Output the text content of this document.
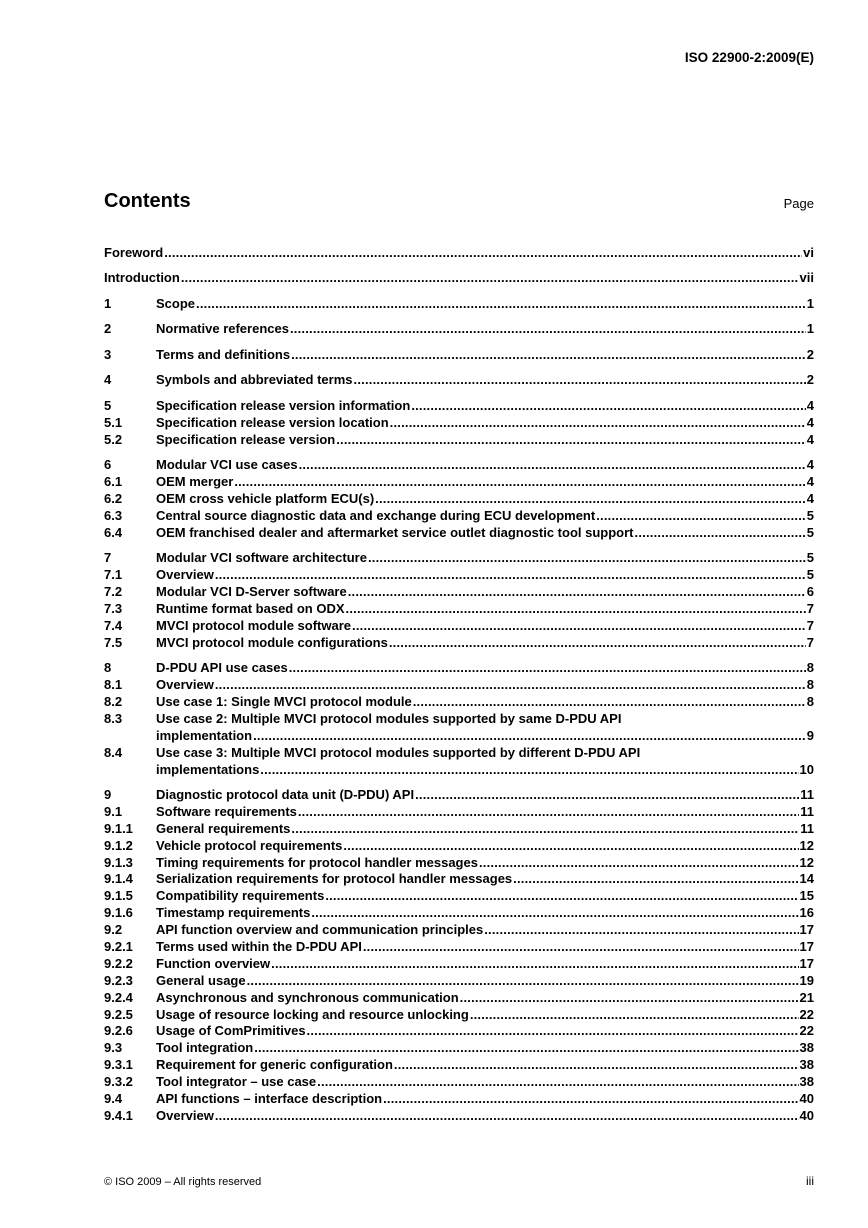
ISO 22900-2:2009(E)
Contents	Page
Foreword .....	vi
Introduction .....	vii
1	Scope .....	1
2	Normative references .....	1
3	Terms and definitions .....	2
4	Symbols and abbreviated terms .....	2
5	Specification release version information .....	4
5.1	Specification release version location .....	4
5.2	Specification release version .....	4
6	Modular VCI use cases .....	4
6.1	OEM merger .....	4
6.2	OEM cross vehicle platform ECU(s) .....	4
6.3	Central source diagnostic data and exchange during ECU development .....	5
6.4	OEM franchised dealer and aftermarket service outlet diagnostic tool support .....	5
7	Modular VCI software architecture .....	5
7.1	Overview .....	5
7.2	Modular VCI D-Server software .....	6
7.3	Runtime format based on ODX .....	7
7.4	MVCI protocol module software .....	7
7.5	MVCI protocol module configurations .....	7
8	D-PDU API use cases .....	8
8.1	Overview .....	8
8.2	Use case 1: Single MVCI protocol module .....	8
8.3	Use case 2: Multiple MVCI protocol modules supported by same D-PDU API
implementation .....	9
8.4	Use case 3: Multiple MVCI protocol modules supported by different D-PDU API
implementations .....	10
9	Diagnostic protocol data unit (D-PDU) API .....	11
9.1	Software requirements .....	11
9.1.1 General requirements .....	11
9.1.2 Vehicle protocol requirements .....	12
9.1.3 Timing requirements for protocol handler messages .....	12
9.1.4 Serialization requirements for protocol handler messages .....	14
9.1.5 Compatibility requirements .....	15
9.1.6 Timestamp requirements .....	16
9.2	API function overview and communication principles .....	17
9.2.1 Terms used within the D-PDU API .....	17
9.2.2 Function overview .....	17
9.2.3 General usage .....	19
9.2.4 Asynchronous and synchronous communication .....	21
9.2.5 Usage of resource locking and resource unlocking .....	22
9.2.6 Usage of ComPrimitives .....	22
9.3	Tool integration .....	38
9.3.1 Requirement for generic configuration .....	38
9.3.2 Tool integrator – use case .....	38
9.4	API functions – interface description .....	40
9.4.1 Overview .....	40
© ISO 2009 – All rights reserved	iii
